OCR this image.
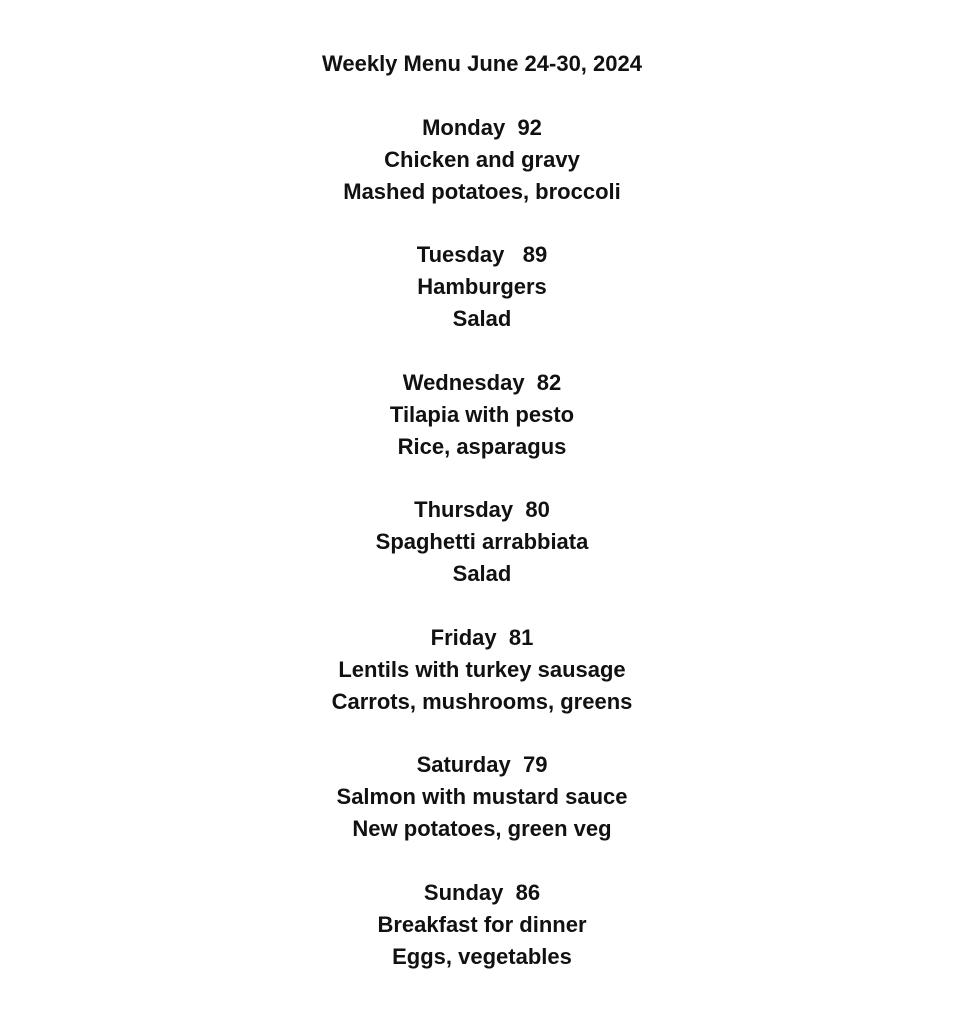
Weekly Menu June 24-30, 2024
Monday 92
Chicken and gravy
Mashed potatoes, broccoli
Tuesday 89
Hamburgers
Salad
Wednesday 82
Tilapia with pesto
Rice, asparagus
Thursday 80
Spaghetti arrabbiata
Salad
Friday 81
Lentils with turkey sausage
Carrots, mushrooms, greens
Saturday 79
Salmon with mustard sauce
New potatoes, green veg
Sunday 86
Breakfast for dinner
Eggs, vegetables
